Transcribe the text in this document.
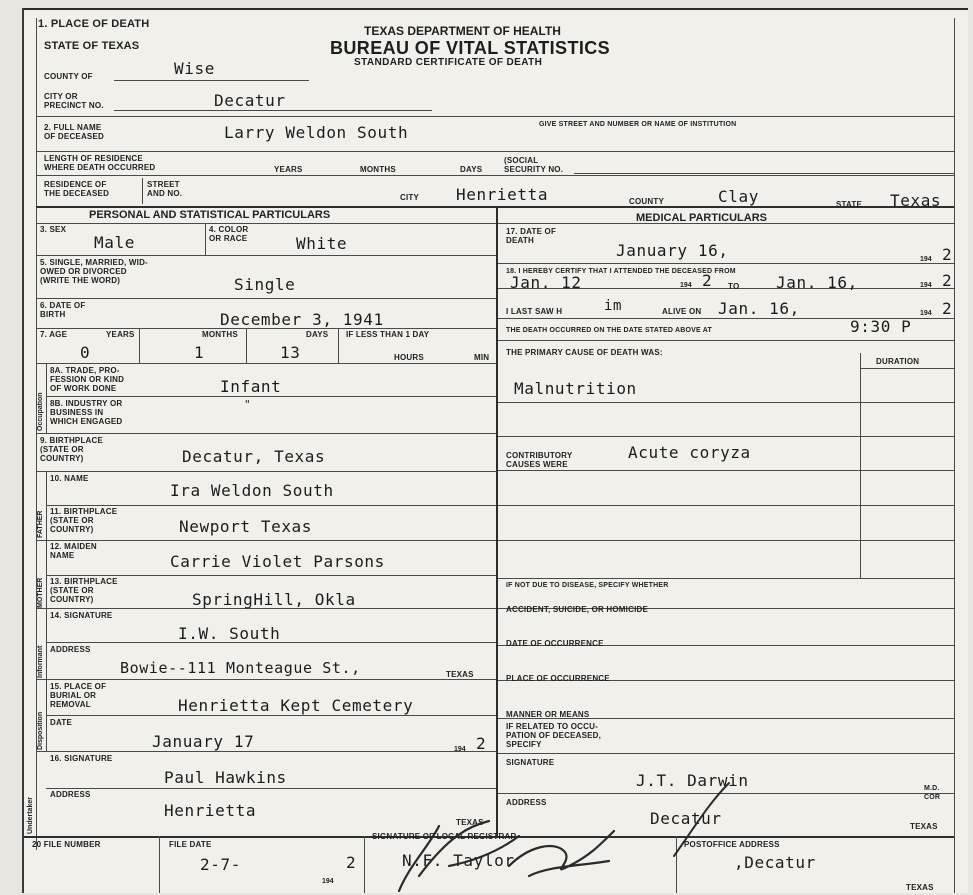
1. PLACE OF DEATH
STATE OF TEXAS
TEXAS DEPARTMENT OF HEALTH
BUREAU OF VITAL STATISTICS
STANDARD CERTIFICATE OF DEATH
COUNTY OF	Wise
CITY OR
PRECINCT NO.	Decatur
2. FULL NAME
OF DECEASED	Larry Weldon South	GIVE STREET AND NUMBER OR NAME OF INSTITUTION
LENGTH OF RESIDENCE
WHERE DEATH OCCURRED	YEARS	MONTHS	DAYS
(SOCIAL
SECURITY NO.
RESIDENCE OF
THE DECEASED
STREET
AND NO.	CITY Henrietta	COUNTY	Clay	STATE Texas
PERSONAL AND STATISTICAL PARTICULARS	MEDICAL PARTICULARS
3. SEX
Male
4. COLOR
OR RACE	White
5. SINGLE, MARRIED, WID-
OWED OR DIVORCED
(WRITE THE WORD)	Single
6. DATE OF
BIRTH	December 3, 1941
7. AGE	YEARS	MONTHS	DAYS IF LESS THAN 1 DAY
HOURS	MIN
0	1	13
Occupation
8A. TRADE, PRO-
FESSION OR KIND
OF WORK DONE	Infant
8B. INDUSTRY OR
BUSINESS IN
WHICH ENGAGED
"
9. BIRTHPLACE
(STATE OR
COUNTRY)	Decatur, Texas
FATHER
10. NAME
Ira Weldon South
11. BIRTHPLACE
(STATE OR
COUNTRY)	Newport Texas
MOTHER
12. MAIDEN
NAME	Carrie Violet Parsons
13. BIRTHPLACE
(STATE OR
COUNTRY)	SpringHill, Okla
Informant
14. SIGNATURE
I.W. South
ADDRESS
Bowie--111 Monteague St.,	TEXAS
Disposition
15. PLACE OF
BURIAL OR
REMOVAL	Henrietta Kept Cemetery
DATE
January 17	194 2
Undertaker
16. SIGNATURE
Paul Hawkins
ADDRESS
Henrietta
TEXAS
17. DATE OF
DEATH
January 16,	194 2
18. I HEREBY CERTIFY THAT I ATTENDED THE DECEASED FROM
Jan. 12	194 2 TO Jan. 16,	194 2
I LAST SAW H	im	ALIVE ON Jan. 16,	194 2
THE DEATH OCCURRED ON THE DATE STATED ABOVE AT	9:30 P
THE PRIMARY CAUSE OF DEATH WAS:
DURATION
Malnutrition
CONTRIBUTORY
CAUSES WERE
Acute coryza
IF NOT DUE TO DISEASE, SPECIFY WHETHER
ACCIDENT, SUICIDE, OR HOMICIDE
DATE OF OCCURRENCE
PLACE OF OCCURRENCE
MANNER OR MEANS
IF RELATED TO OCCU-
PATION OF DECEASED,
SPECIFY
SIGNATURE
J.T. Darwin	M.D.
COR
ADDRESS
Decatur	TEXAS
20 FILE NUMBER	FILE DATE
2-7-
194
2
SIGNATURE OF LOCAL REGISTRAR
N.F. Taylor
POSTOFFICE ADDRESS
,Decatur
TEXAS
